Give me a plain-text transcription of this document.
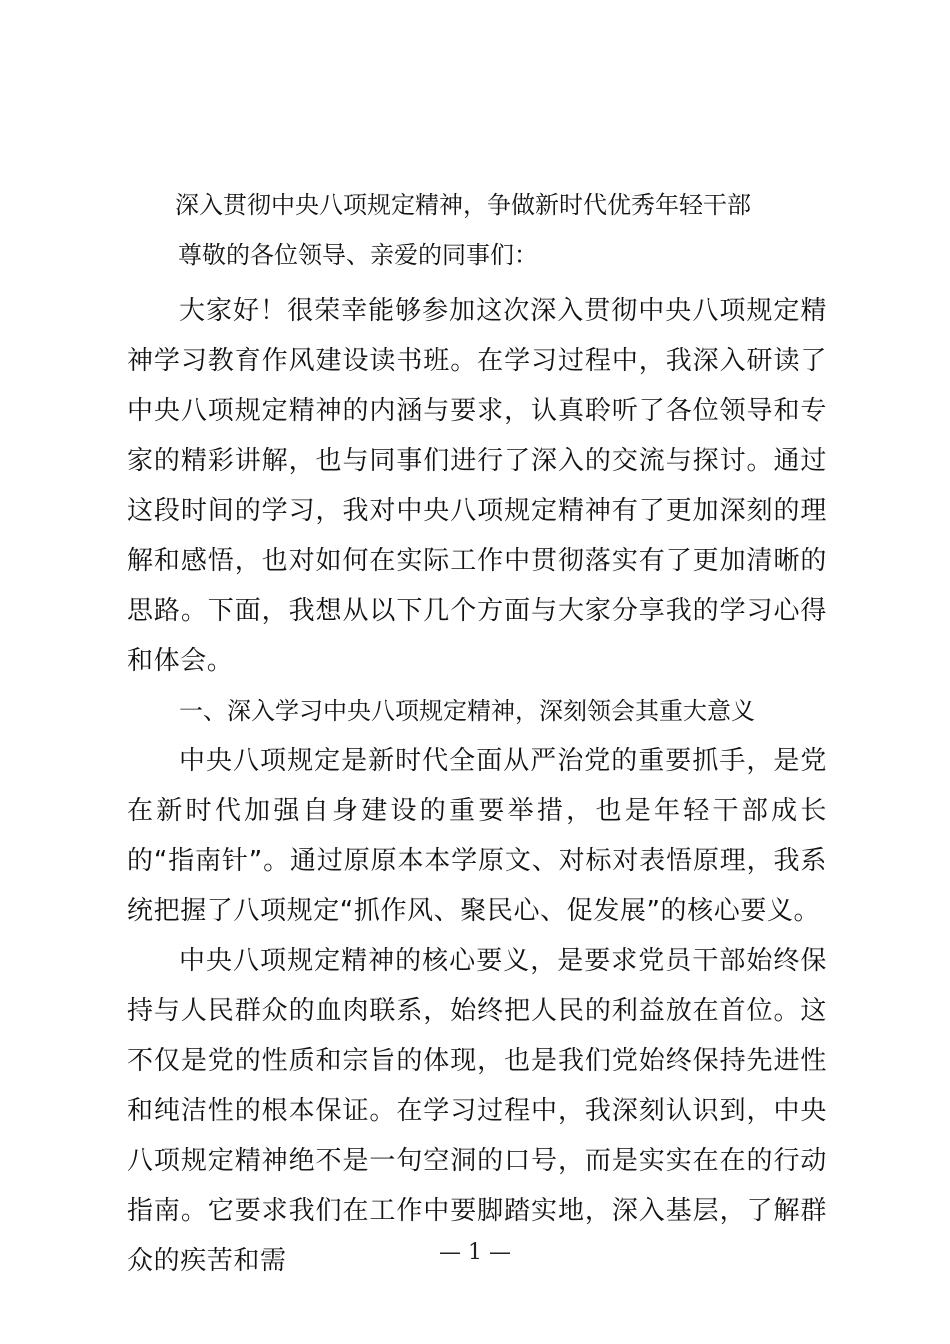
深入贯彻中央八项规定精神，争做新时代优秀年轻干部
尊敬的各位领导、亲爱的同事们：

大家好！很荣幸能够参加这次深入贯彻中央八项规定精神学习教育作风建设读书班。在学习过程中，我深入研读了中央八项规定精神的内涵与要求，认真聆听了各位领导和专家的精彩讲解，也与同事们进行了深入的交流与探讨。通过这段时间的学习，我对中央八项规定精神有了更加深刻的理解和感悟，也对如何在实际工作中贯彻落实有了更加清晰的思路。下面，我想从以下几个方面与大家分享我的学习心得和体会。

一、深入学习中央八项规定精神，深刻领会其重大意义

中央八项规定是新时代全面从严治党的重要抓手，是党在新时代加强自身建设的重要举措，也是年轻干部成长的“指南针”。通过原原本本学原文、对标对表悟原理，我系统把握了八项规定“抓作风、聚民心、促发展”的核心要义。

中央八项规定精神的核心要义，是要求党员干部始终保持与人民群众的血肉联系，始终把人民的利益放在首位。这不仅是党的性质和宗旨的体现，也是我们党始终保持先进性和纯洁性的根本保证。在学习过程中，我深刻认识到，中央八项规定精神绝不是一句空洞的口号，而是实实在在的行动指南。它要求我们在工作中要脚踏实地，深入基层，了解群众的疾苦和需	— 1 —
